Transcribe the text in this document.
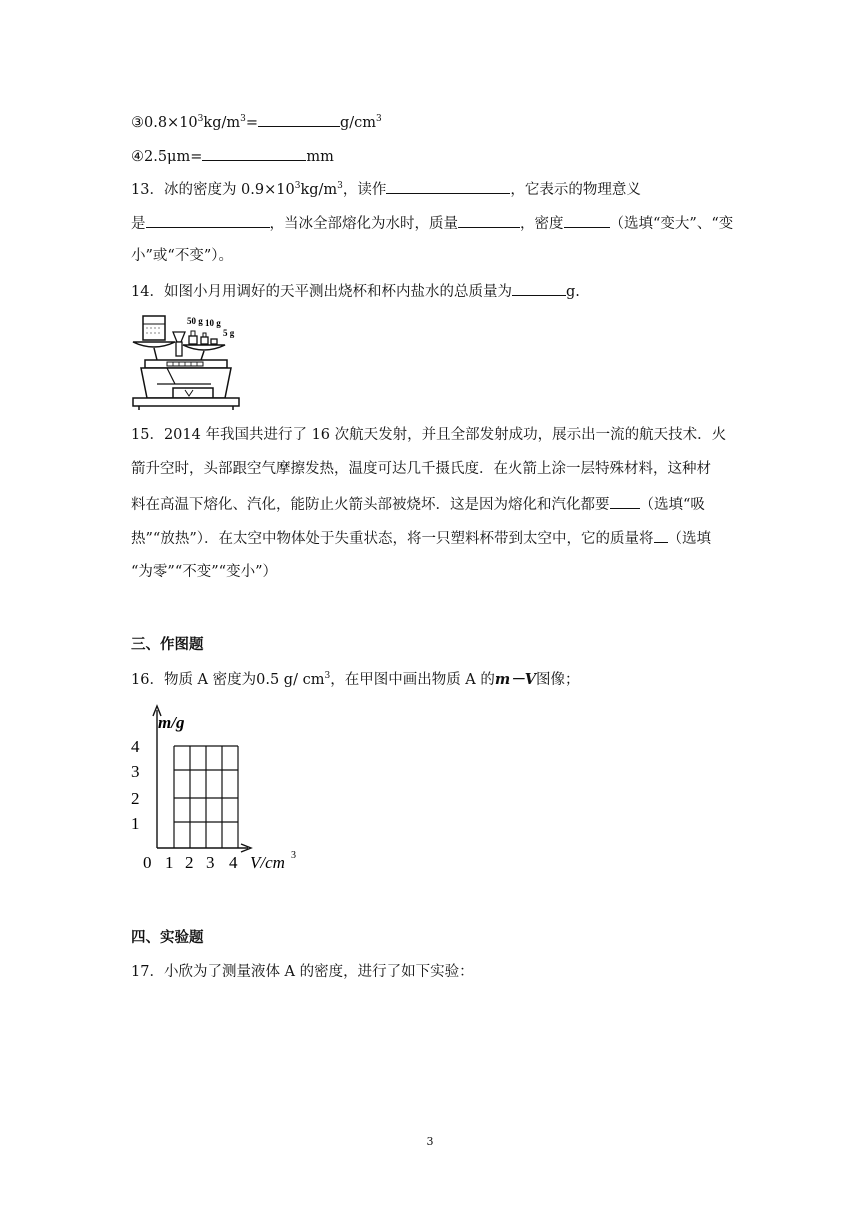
$③0.8\times 10^3kg/m^3=$	$g/cm^3$
④2.5μm=	mm
13．冰的密度为 $0.9\times 10^3kg/m^3$，读作	，它表示的物理意义
是	，当冰全部熔化为水时，质量	，密度	（选填“变大”、“变
小”或“不变”）。
14．如图小月用调好的天平测出烧杯和杯内盐水的总质量为	g.
50 g 10 g
5 g
15．2014 年我国共进行了 16 次航天发射，并且全部发射成功，展示出一流的航天技术．火
箭升空时，头部跟空气摩擦发热，温度可达几千摄氏度．在火箭上涂一层特殊材料，这种材
料在高温下熔化、汽化，能防止火箭头部被烧坏．这是因为熔化和汽化都要 （选填“吸
热”“放热”）．在太空中物体处于失重状态，将一只塑料杯带到太空中，它的质量将 （选填
“为零”“不变”“变小”）
三、作图题
16．物质 A 密度为0.5 g/ $cm^3$，在甲图中画出物质 A 的m－V图像；
m/g
4
3
2
1
0 1 2 3 4 V/cm 3
四、实验题
17．小欣为了测量液体 A 的密度，进行了如下实验：
3
